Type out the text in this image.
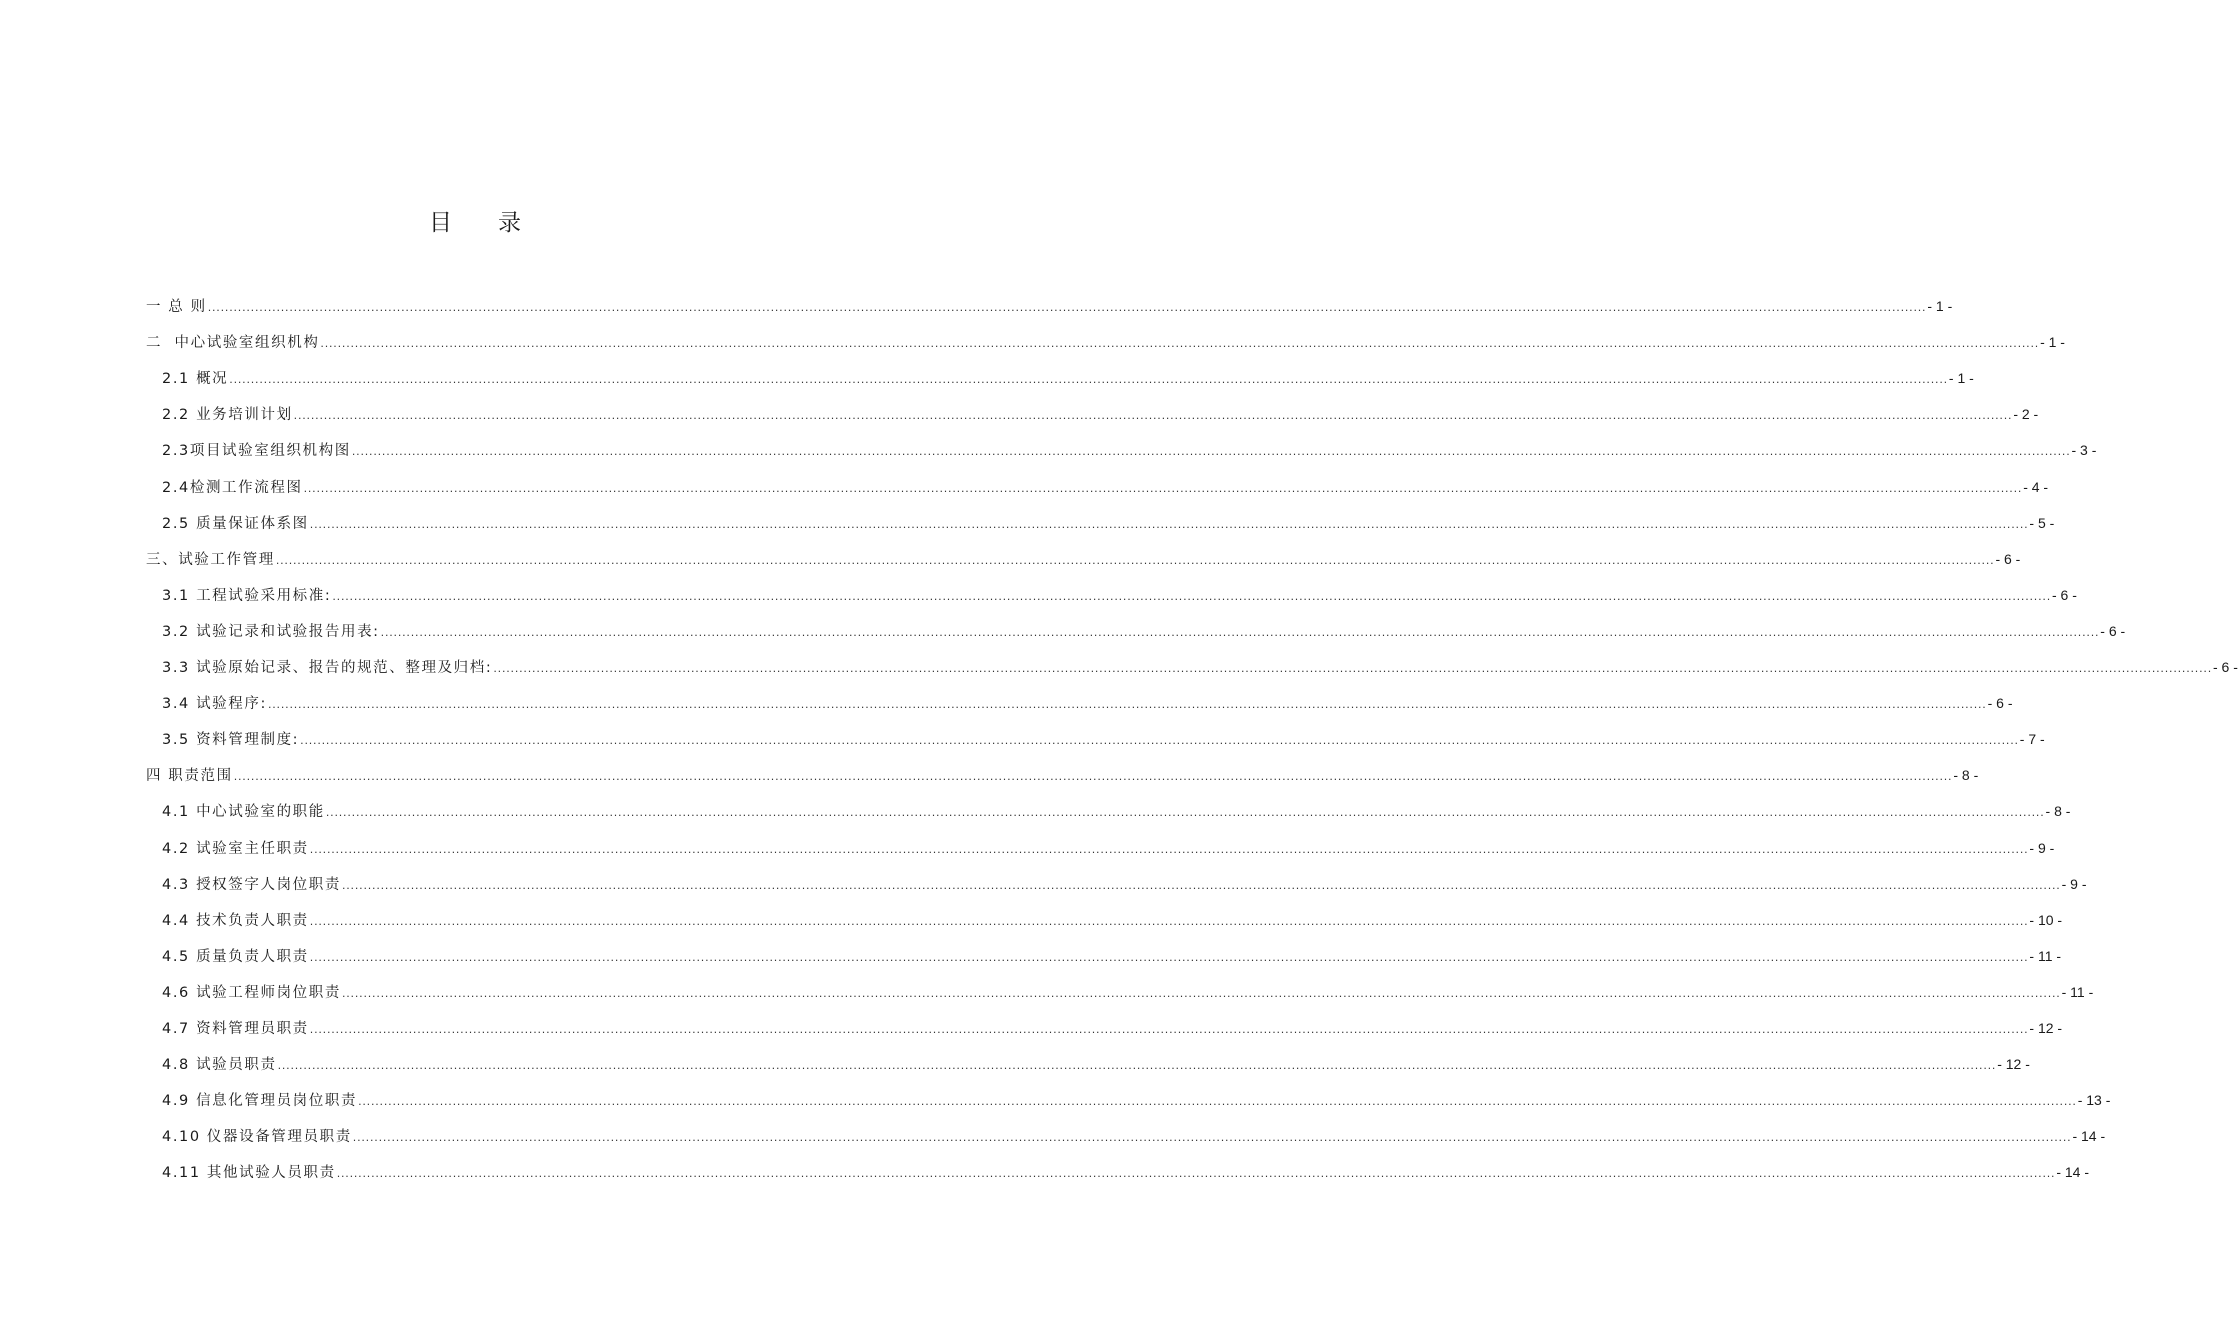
目 录
一 总 则 ................................................................................................................................................................................................................................................................................................................................................................................................................ - 1 -
二  中心试验室组织机构 ................................................................................................................................................................................................................................................................................................................................................................................................................ - 1 -
2.1 概况 ................................................................................................................................................................................................................................................................................................................................................................................................................ - 1 -
2.2 业务培训计划 ................................................................................................................................................................................................................................................................................................................................................................................................................ - 2 -
2.3项目试验室组织机构图 ................................................................................................................................................................................................................................................................................................................................................................................................................ - 3 -
2.4检测工作流程图 ................................................................................................................................................................................................................................................................................................................................................................................................................ - 4 -
2.5 质量保证体系图 ................................................................................................................................................................................................................................................................................................................................................................................................................ - 5 -
三、试验工作管理 ................................................................................................................................................................................................................................................................................................................................................................................................................ - 6 -
3.1 工程试验采用标准: ................................................................................................................................................................................................................................................................................................................................................................................................................ - 6 -
3.2 试验记录和试验报告用表: ................................................................................................................................................................................................................................................................................................................................................................................................................ - 6 -
3.3 试验原始记录、报告的规范、整理及归档: ................................................................................................................................................................................................................................................................................................................................................................................................................ - 6 -
3.4 试验程序: ................................................................................................................................................................................................................................................................................................................................................................................................................ - 6 -
3.5 资料管理制度: ................................................................................................................................................................................................................................................................................................................................................................................................................ - 7 -
四 职责范围 ................................................................................................................................................................................................................................................................................................................................................................................................................ - 8 -
4.1 中心试验室的职能 ................................................................................................................................................................................................................................................................................................................................................................................................................ - 8 -
4.2 试验室主任职责 ................................................................................................................................................................................................................................................................................................................................................................................................................ - 9 -
4.3 授权签字人岗位职责 ................................................................................................................................................................................................................................................................................................................................................................................................................ - 9 -
4.4 技术负责人职责 ................................................................................................................................................................................................................................................................................................................................................................................................................ - 10 -
4.5 质量负责人职责 ................................................................................................................................................................................................................................................................................................................................................................................................................ - 11 -
4.6 试验工程师岗位职责 ................................................................................................................................................................................................................................................................................................................................................................................................................ - 11 -
4.7 资料管理员职责 ................................................................................................................................................................................................................................................................................................................................................................................................................ - 12 -
4.8 试验员职责 ................................................................................................................................................................................................................................................................................................................................................................................................................ - 12 -
4.9 信息化管理员岗位职责 ................................................................................................................................................................................................................................................................................................................................................................................................................ - 13 -
4.10 仪器设备管理员职责 ................................................................................................................................................................................................................................................................................................................................................................................................................ - 14 -
4.11 其他试验人员职责 ................................................................................................................................................................................................................................................................................................................................................................................................................ - 14 -
